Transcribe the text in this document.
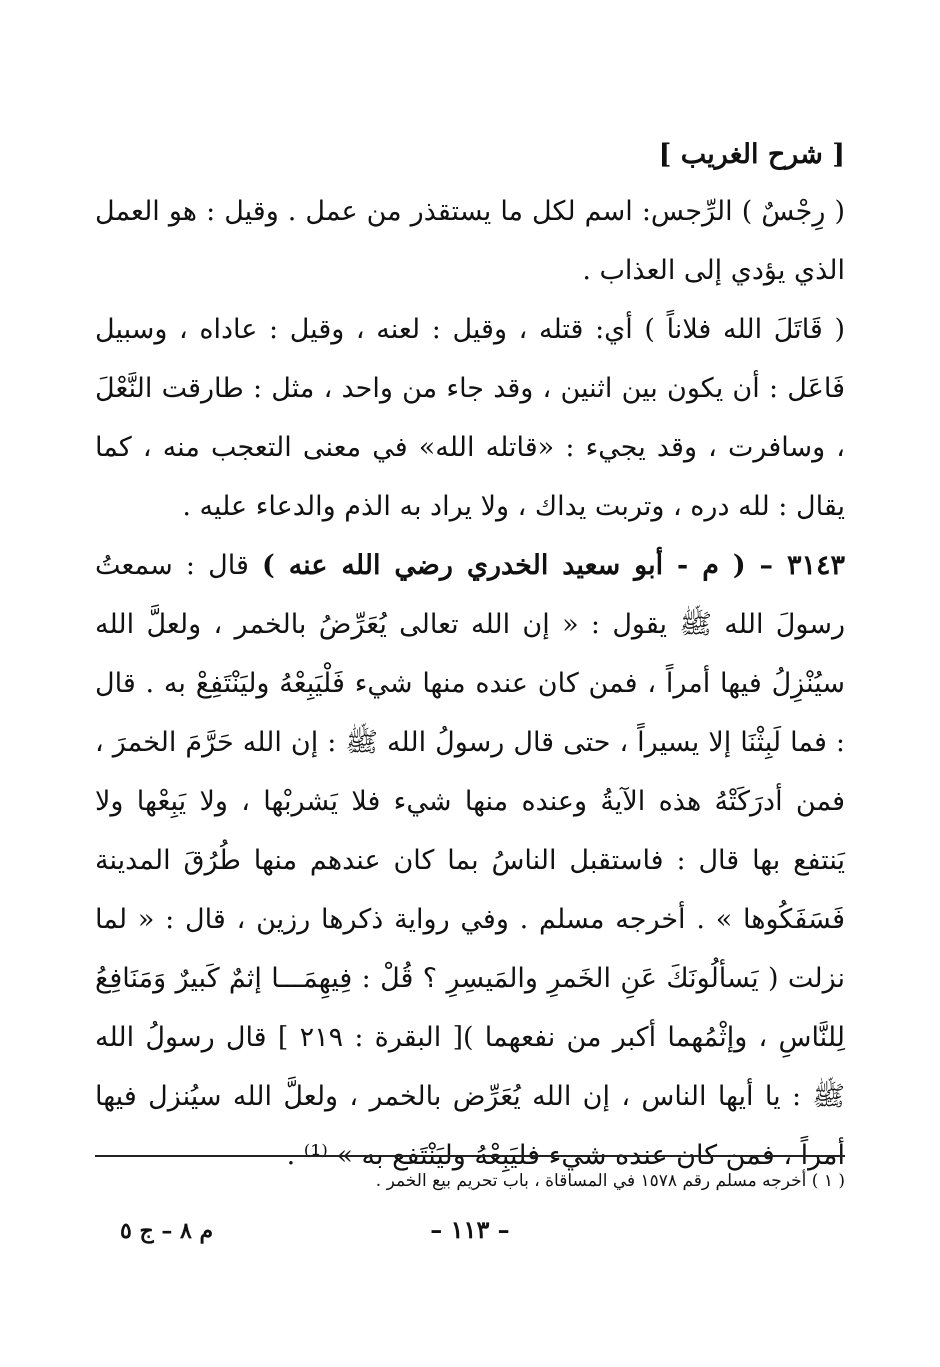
[ شرح الغريب ]

( رِجْسٌ ) الرِّجس: اسم لكل ما يستقذر من عمل . وقيل : هو العمل الذي يؤدي إلى العذاب .

( قَاتَلَ الله فلاناً ) أي: قتله ، وقيل : لعنه ، وقيل : عاداه ، وسبيل فَاعَل : أن يكون بين اثنين ، وقد جاء من واحد ، مثل : طارقت النَّعْلَ ، وسافرت ، وقد يجيء : «قاتله الله» في معنى التعجب منه ، كما يقال : لله دره ، وتربت يداك ، ولا يراد به الذم والدعاء عليه .

٣١٤٣ – ( م - أبو سعيد الخدري رضي الله عنه ) قال : سمعتُ رسولَ الله ﷺ يقول : « إن الله تعالى يُعَرِّضُ بالخمر ، ولعلَّ الله سيُنْزِلُ فيها أمراً ، فمن كان عنده منها شيء فَلْيَبِعْهُ وليَنْتَفِعْ به . قال : فما لَبِثْنَا إلا يسيراً ، حتى قال رسولُ الله ﷺ : إن الله حَرَّمَ الخمرَ ، فمن أدرَكَتْهُ هذه الآيةُ وعنده منها شيء فلا يَشربْها ، ولا يَبِعْها ولا يَنتفع بها قال : فاستقبل الناسُ بما كان عندهم منها طُرُقَ المدينة فَسَفَكُوها » . أخرجه مسلم . وفي رواية ذكرها رزين ، قال : « لما نزلت ( يَسألُونَكَ عَنِ الخَمرِ والمَيسِرِ ؟ قُلْ : فِيهِمَـــا إثمٌ كَبيرٌ وَمَنَافِعُ لِلنَّاسِ ، وإثْمُهما أكبر من نفعهما )[ البقرة : ٢١٩ ] قال رسولُ الله ﷺ : يا أيها الناس ، إن الله يُعَرِّض بالخمر ، ولعلَّ الله سيُنزل فيها أمراً ، فمن كان عنده شيء فليَبِعْهُ وليَنْتَفع به » ⁽¹⁾ .

( ١ ) أخرجه مسلم رقم ١٥٧٨ في المساقاة ، باب تحريم بيع الخمر .
– ١١٣ –
م ٨ – ج ٥
